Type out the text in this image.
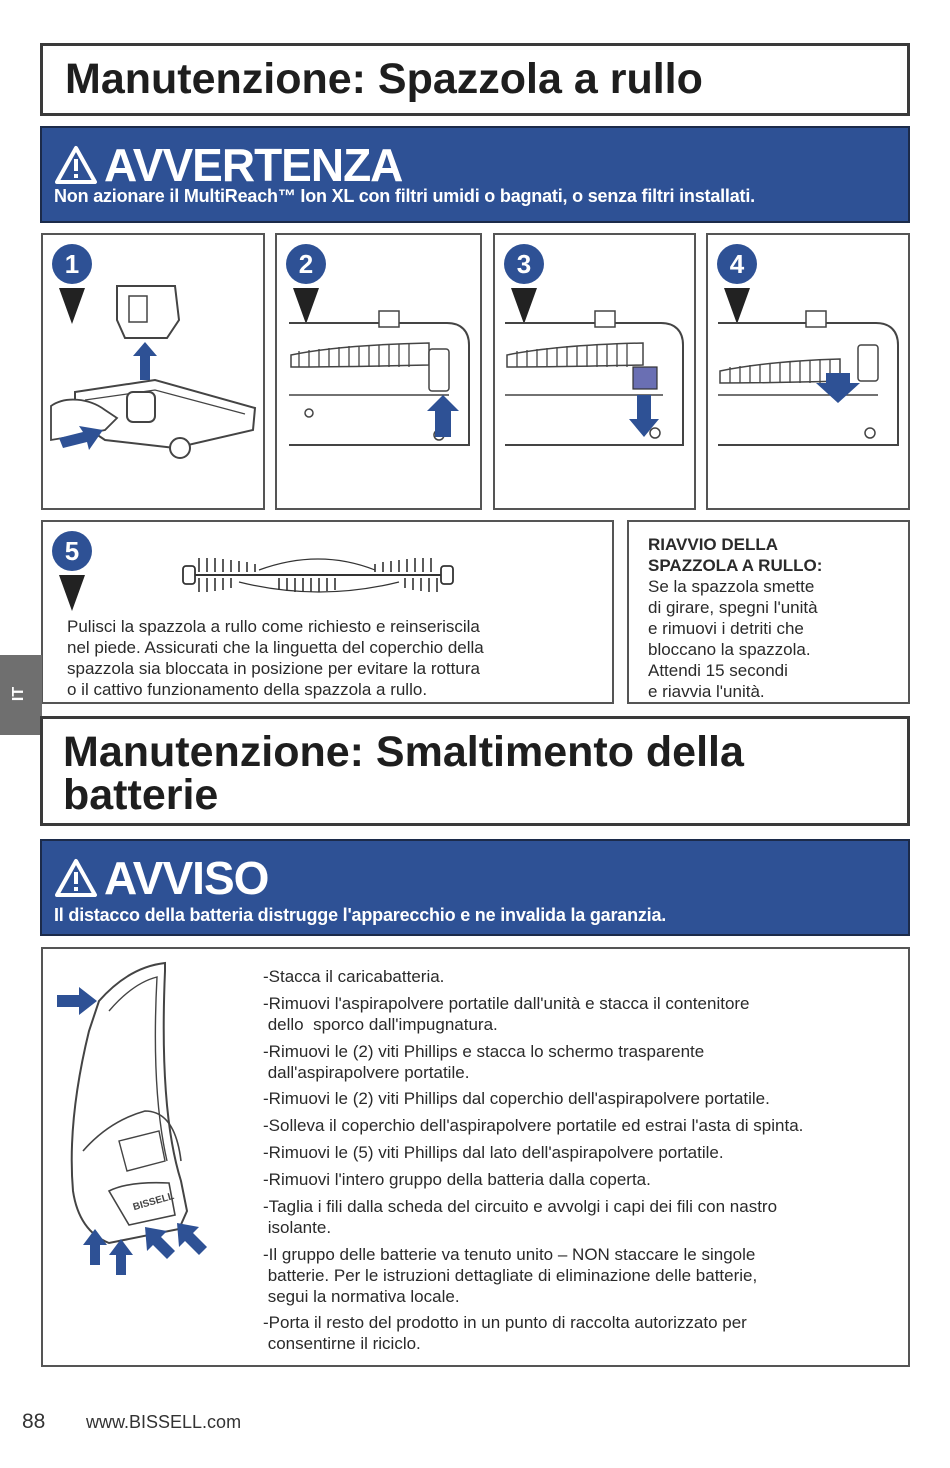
Manutenzione: Spazzola a rullo
AVVERTENZA
Non azionare il MultiReach™ Ion XL con filtri umidi o bagnati, o senza filtri installati.
1	2	3	4
5
Pulisci la spazzola a rullo come richiesto e reinseriscila
nel piede. Assicurati che la linguetta del coperchio della
spazzola sia bloccata in posizione per evitare la rottura
o il cattivo funzionamento della spazzola a rullo.
RIAVVIO DELLA
SPAZZOLA A RULLO:
Se la spazzola smette
di girare, spegni l'unità
e rimuovi i detriti che
bloccano la spazzola.
Attendi 15 secondi
e riavvia l'unità.
IT
Manutenzione: Smaltimento della
batterie
AVVISO
Il distacco della batteria distrugge l'apparecchio e ne invalida la garanzia.
BISSELL
-Stacca il caricabatteria.
-Rimuovi l'aspirapolvere portatile dall'unità e stacca il contenitore
dello  sporco dall'impugnatura.
-Rimuovi le (2) viti Phillips e stacca lo schermo trasparente
dall'aspirapolvere portatile.
-Rimuovi le (2) viti Phillips dal coperchio dell'aspirapolvere portatile.
-Solleva il coperchio dell'aspirapolvere portatile ed estrai l'asta di spinta.
-Rimuovi le (5) viti Phillips dal lato dell'aspirapolvere portatile.
-Rimuovi l'intero gruppo della batteria dalla coperta.
-Taglia i fili dalla scheda del circuito e avvolgi i capi dei fili con nastro
isolante.
-Il gruppo delle batterie va tenuto unito – NON staccare le singole
batterie. Per le istruzioni dettagliate di eliminazione delle batterie,
segui la normativa locale.
-Porta il resto del prodotto in un punto di raccolta autorizzato per
consentirne il riciclo.
88 www.BISSELL.com
